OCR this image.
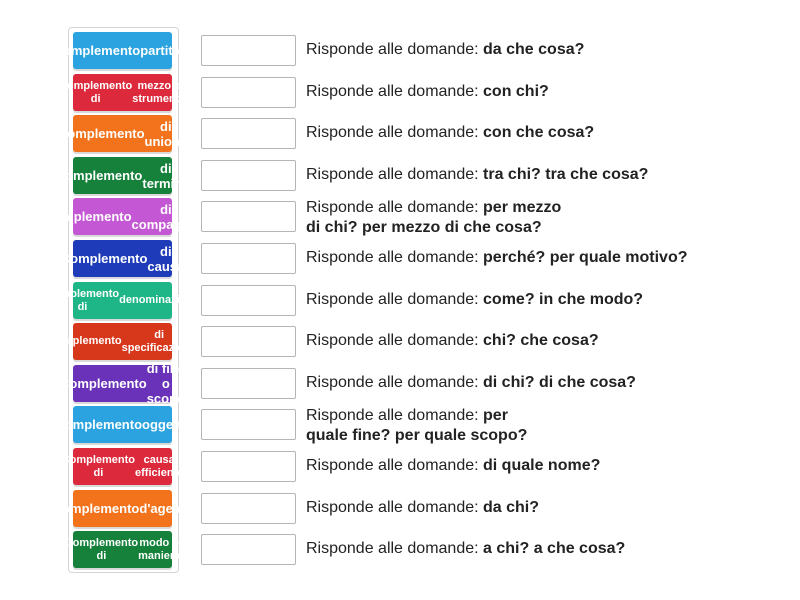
Complemento partitivo
Complemento di
mezzo o strumento
Complemento	di unione
Complemento	di termine
Complemento	di compagnia
Complemento di causa
Complemento di
denominazione
Complemento
di specificazione
Complemento
di fine o scopo
Complemento oggetto
Complemento di
causa efficiente
Complemento d'agente
Complemento di
modo o maniera
Risponde alle domande: da che cosa?
Risponde alle domande: con chi?
Risponde alle domande: con che cosa?
Risponde alle domande: tra chi? tra che cosa?
Risponde alle domande: per mezzo
di chi? per mezzo di che cosa?
Risponde alle domande: perché? per quale motivo?
Risponde alle domande: come? in che modo?
Risponde alle domande: chi? che cosa?
Risponde alle domande: di chi? di che cosa?
Risponde alle domande: per
quale fine? per quale scopo?
Risponde alle domande: di quale nome?
Risponde alle domande: da chi?
Risponde alle domande: a chi? a che cosa?
